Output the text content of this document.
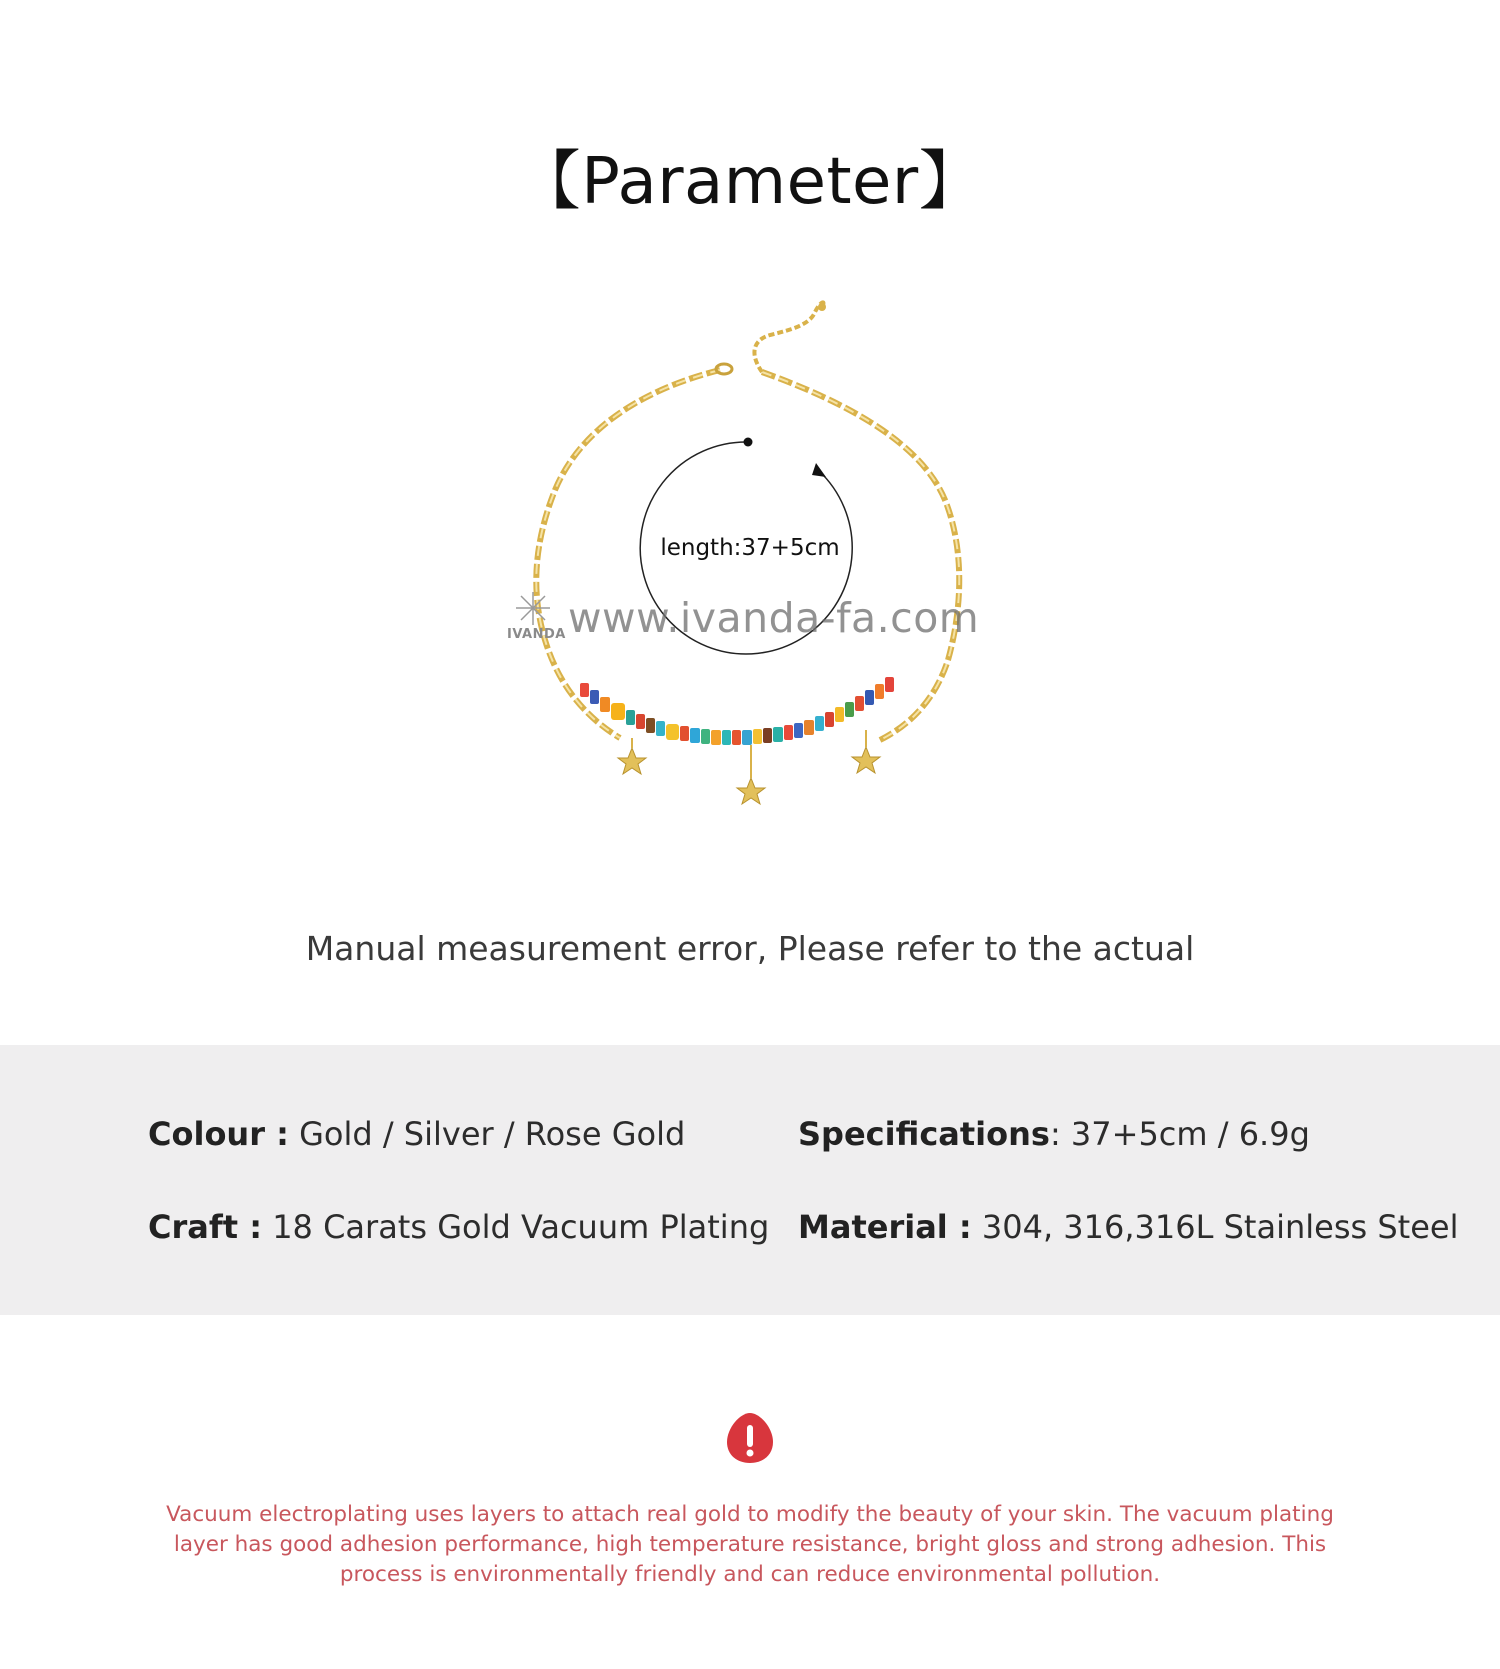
【Parameter】
length:37+5cm
IVANDA www.ivanda-fa.com
Manual measurement error, Please refer to the actual
Colour : Gold / Silver / Rose Gold	Specifications: 37+5cm / 6.9g
Craft : 18 Carats Gold Vacuum Plating Material : 304, 316,316L Stainless Steel
Vacuum electroplating uses layers to attach real gold to modify the beauty of your skin. The vacuum plating layer has good adhesion performance, high temperature resistance, bright gloss and strong adhesion. This process is environmentally friendly and can reduce environmental pollution.
